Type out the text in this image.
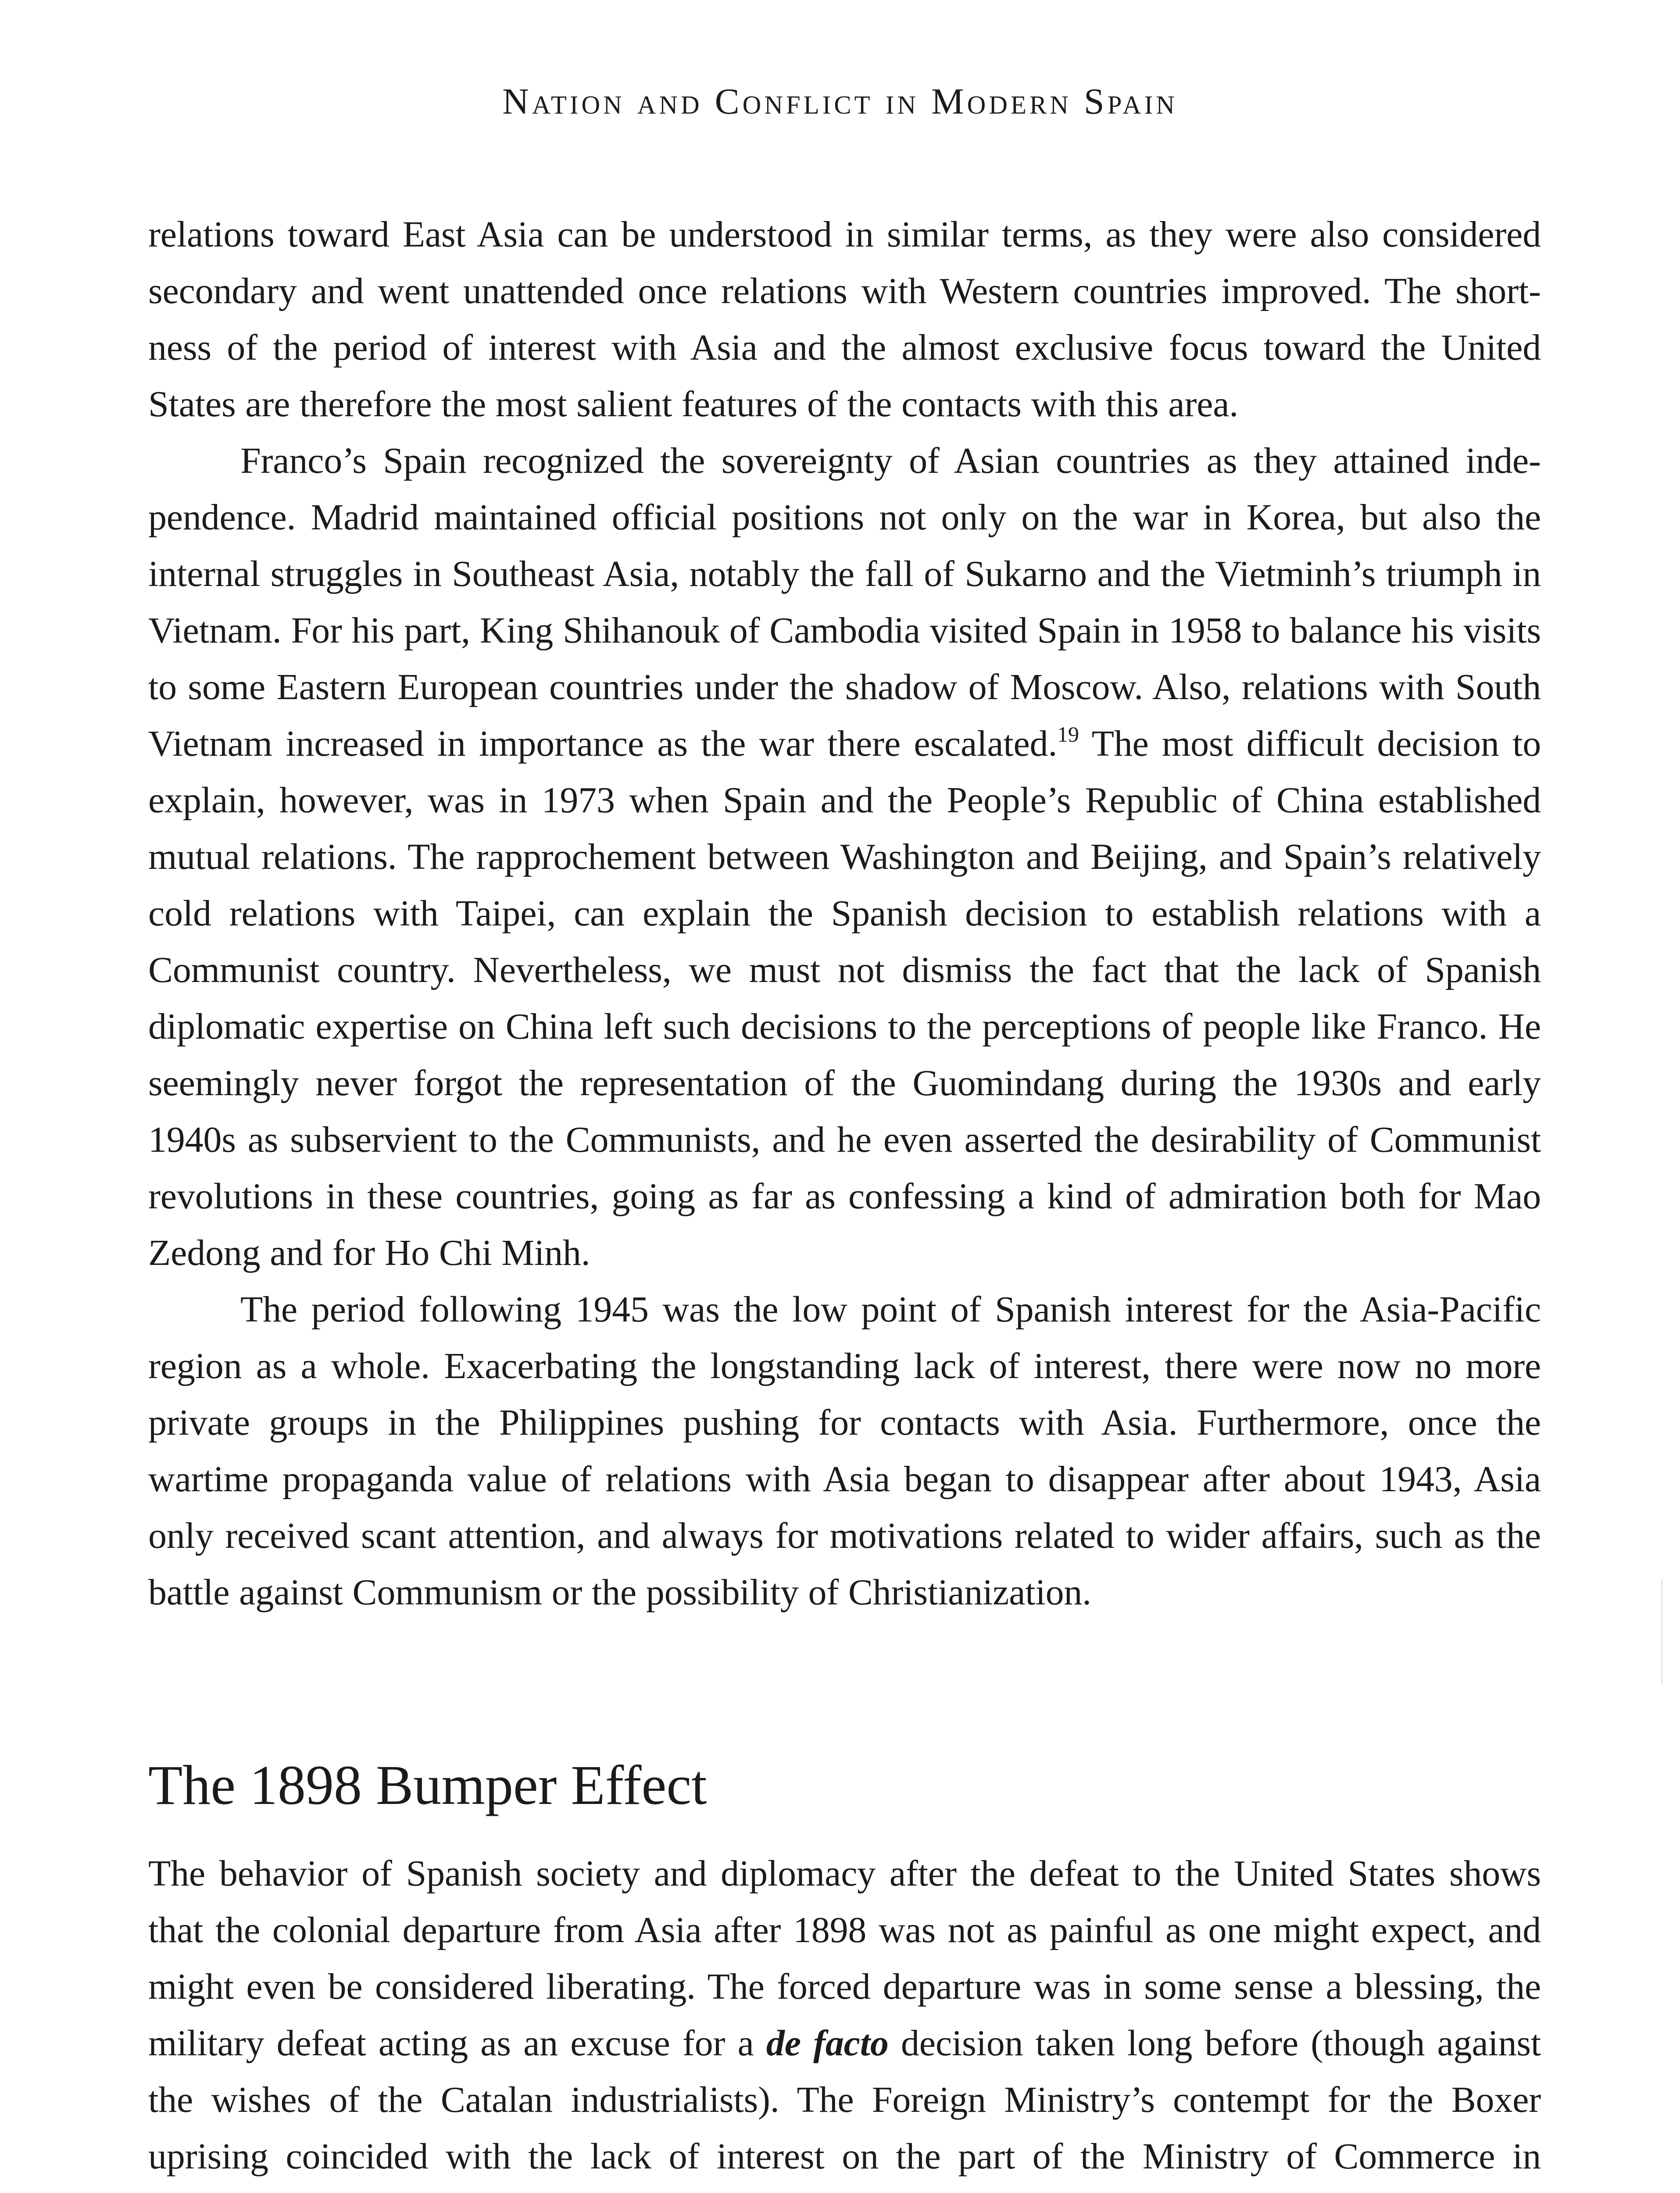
Nation and Conflict in Modern Spain

relations toward East Asia can be understood in similar terms, as they were also considered secondary and went unattended once relations with Western countries improved. The shortness of the period of interest with Asia and the almost exclusive focus toward the United States are therefore the most salient features of the contacts with this area.

Franco’s Spain recognized the sovereignty of Asian countries as they attained independence. Madrid maintained official positions not only on the war in Korea, but also the internal struggles in Southeast Asia, notably the fall of Sukarno and the Vietminh’s triumph in Vietnam. For his part, King Shihanouk of Cambodia visited Spain in 1958 to balance his visits to some Eastern European countries under the shadow of Moscow. Also, relations with South Vietnam increased in importance as the war there escalated.$^{19}$ The most difficult decision to explain, however, was in 1973 when Spain and the People’s Republic of China established mutual relations. The rapprochement between Washington and Beijing, and Spain’s relatively cold relations with Taipei, can explain the Spanish decision to establish relations with a Communist country. Nevertheless, we must not dismiss the fact that the lack of Spanish diplomatic expertise on China left such decisions to the perceptions of people like Franco. He seemingly never forgot the representation of the Guomindang during the 1930s and early 1940s as subservient to the Communists, and he even asserted the desirability of Communist revolutions in these countries, going as far as confessing a kind of admiration both for Mao Zedong and for Ho Chi Minh.

The period following 1945 was the low point of Spanish interest for the Asia-Pacific region as a whole. Exacerbating the longstanding lack of interest, there were now no more private groups in the Philippines pushing for contacts with Asia. Furthermore, once the wartime propaganda value of relations with Asia began to disappear after about 1943, Asia only received scant attention, and always for motivations related to wider affairs, such as the battle against Communism or the possibility of Christianization.

The 1898 Bumper Effect

The behavior of Spanish society and diplomacy after the defeat to the United States shows that the colonial departure from Asia after 1898 was not as painful as one might expect, and might even be considered liberating. The forced departure was in some sense a blessing, the military defeat acting as an excuse for a de facto decision taken long before (though against the wishes of the Catalan industrialists). The Foreign Ministry’s contempt for the Boxer uprising coincided with the lack of interest on the part of the Ministry of Commerce in
